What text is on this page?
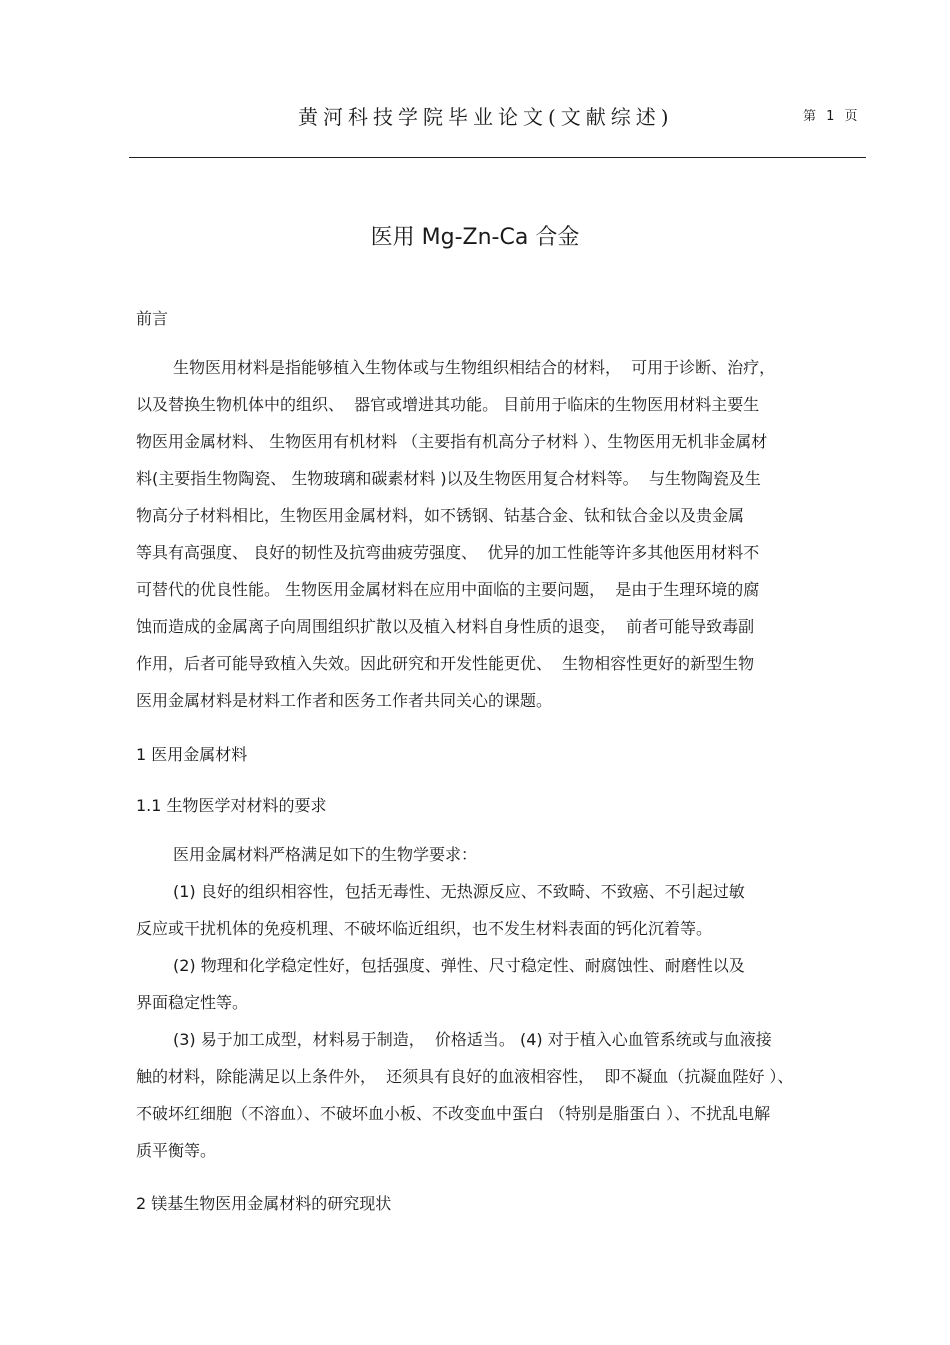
黄河科技学院毕业论文(文献综述)	第 1 页
医用 Mg-Zn-Ca 合金
前言
生物医用材料是指能够植入生物体或与生物组织相结合的材料，  可用于诊断、治疗，
以及替换生物机体中的组织、  器官或增进其功能。 目前用于临床的生物医用材料主要生
物医用金属材料、 生物医用有机材料 （主要指有机高分子材料 ）、生物医用无机非金属材
料(主要指生物陶瓷、 生物玻璃和碳素材料 )以及生物医用复合材料等。  与生物陶瓷及生
物高分子材料相比，生物医用金属材料，如不锈钢、钴基合金、钛和钛合金以及贵金属
等具有高强度、 良好的韧性及抗弯曲疲劳强度、  优异的加工性能等许多其他医用材料不
可替代的优良性能。 生物医用金属材料在应用中面临的主要问题，  是由于生理环境的腐
蚀而造成的金属离子向周围组织扩散以及植入材料自身性质的退变，  前者可能导致毒副
作用，后者可能导致植入失效。因此研究和开发性能更优、  生物相容性更好的新型生物
医用金属材料是材料工作者和医务工作者共同关心的课题。
1 医用金属材料
1.1 生物医学对材料的要求
医用金属材料严格满足如下的生物学要求：
(1) 良好的组织相容性，包括无毒性、无热源反应、不致畸、不致癌、不引起过敏
反应或干扰机体的免疫机理、不破坏临近组织，也不发生材料表面的钙化沉着等。
(2) 物理和化学稳定性好，包括强度、弹性、尺寸稳定性、耐腐蚀性、耐磨性以及
界面稳定性等。
(3) 易于加工成型，材料易于制造，  价格适当。 (4) 对于植入心血管系统或与血液接
触的材料，除能满足以上条件外，  还须具有良好的血液相容性，  即不凝血（抗凝血陛好 ）、
不破坏红细胞（不溶血）、不破坏血小板、不改变血中蛋白 （特别是脂蛋白 ）、不扰乱电解
质平衡等。
2 镁基生物医用金属材料的研究现状
